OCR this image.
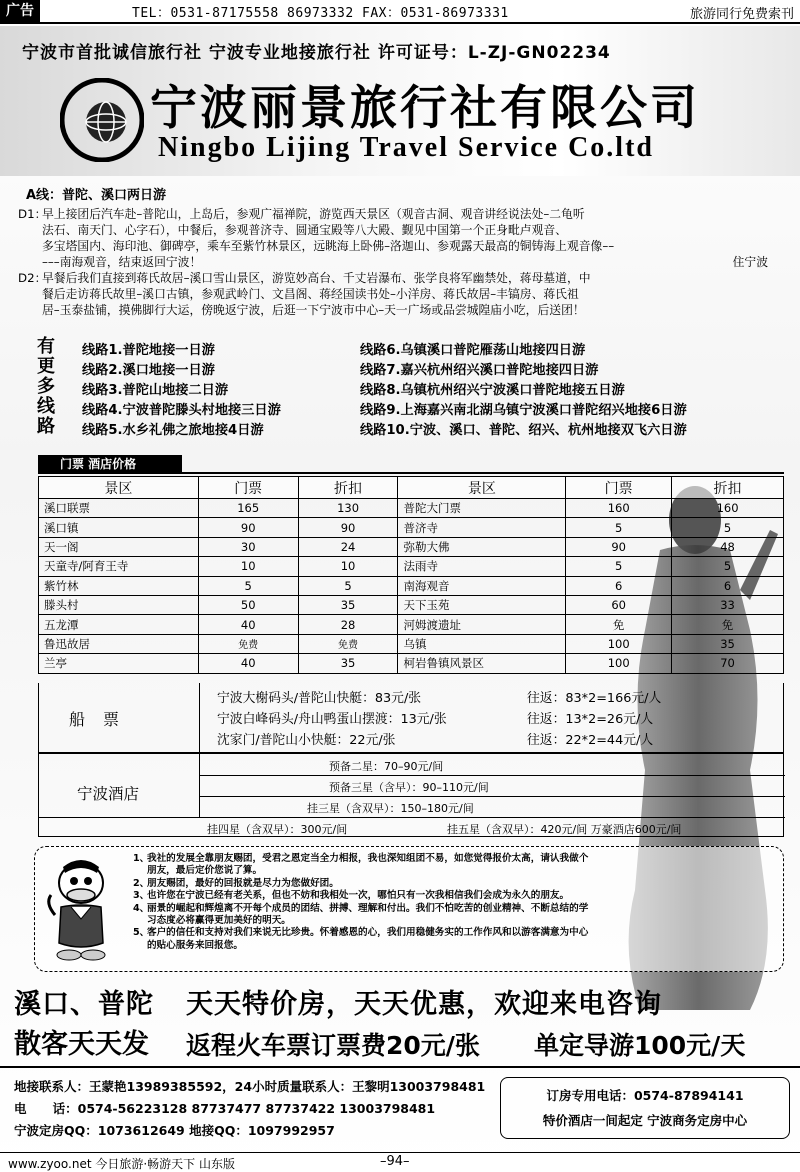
广告	TEL：0531-87175558 86973332 FAX：0531-86973331	旅游同行免费索刊
宁波市首批诚信旅行社 宁波专业地接旅行社 许可证号：L-ZJ-GN02234
宁波丽景旅行社有限公司
Ningbo Lijing Travel Service Co.ltd
A线：普陀、溪口两日游
D1：
早上接团后汽车赴–普陀山，上岛后，参观广福禅院，游览西天景区（观音古洞、观音讲经说法处–二龟听
法石、南天门、心字石），中餐后，参观普济寺、圆通宝殿等八大殿、觐见中国第一个正身毗卢观音、
多宝塔国内、海印池、御碑亭，乘车至紫竹林景区，远眺海上卧佛–洛迦山、参观露天最高的铜铸海上观音像––
–––南海观音，结束返回宁波！	住宁波
D2：
早餐后我们直接到蒋氏故居–溪口雪山景区，游览妙高台、千丈岩瀑布、张学良将军幽禁处，蒋母墓道，中
餐后走访蒋氏故里–溪口古镇，参观武岭门、文昌阁、蒋经国读书处–小洋房、蒋氏故居–丰镐房、蒋氏祖
居–玉泰盐铺，摸佛脚行大运，傍晚返宁波，后逛一下宁波市中心–天一广场或品尝城隍庙小吃，后送团！
有
更
多
线
路
线路1.普陀地接一日游
线路2.溪口地接一日游
线路3.普陀山地接二日游
线路4.宁波普陀滕头村地接三日游
线路5.水乡礼佛之旅地接4日游
线路6.乌镇溪口普陀雁荡山地接四日游
线路7.嘉兴杭州绍兴溪口普陀地接四日游
线路8.乌镇杭州绍兴宁波溪口普陀地接五日游
线路9.上海嘉兴南北湖乌镇宁波溪口普陀绍兴地接6日游
线路10.宁波、溪口、普陀、绍兴、杭州地接双飞六日游
门票 酒店价格
景区	门票	折扣	景区	门票	折扣
溪口联票	165	130	普陀大门票	160	160
溪口镇	90	90	普济寺	5	5
天一阁	30	24	弥勒大佛	90	48
天童寺/阿育王寺	10	10	法雨寺	5	5
紫竹林	5	5	南海观音	6	6
滕头村	50	35	天下玉苑	60	33
五龙潭	40	28	河姆渡遗址	免	免
鲁迅故居	免费	免费	乌镇	100	35
兰亭	40	35	柯岩鲁镇风景区	100	70
船票
宁波大榭码头/普陀山快艇：83元/张
宁波白峰码头/舟山鸭蛋山摆渡：13元/张
沈家门/普陀山小快艇：22元/张
往返：83*2=166元/人
往返：13*2=26元/人
往返：22*2=44元/人
宁波酒店
预备二星：70–90元/间
预备三星（含早）：90–110元/间
挂三星（含双早）：150–180元/间
挂四星（含双早）：300元/间	挂五星（含双早）：420元/间 万豪酒店600元/间
1、
我社的发展全靠朋友赐团，受君之恩定当全力相报，我也深知组团不易，如您觉得报价太高，请认我做个
朋友，最后定价您说了算。
2、
朋友赐团，最好的回报就是尽力为您做好团。
3、
也许您在宁波已经有老关系，但也不妨和我相处一次，哪怕只有一次我相信我们会成为永久的朋友。
4、
丽景的崛起和辉煌离不开每个成员的团结、拼搏、理解和付出。我们不怕吃苦的创业精神、不断总结的学
习态度必将赢得更加美好的明天。
5、
客户的信任和支持对我们来说无比珍贵。怀着感恩的心，我们用稳健务实的工作作风和以游客满意为中心
的贴心服务来回报您。
溪口、普陀 天天特价房，天天优惠，欢迎来电咨询
散客天天发 返程火车票订票费20元/张 单定导游100元/天
地接联系人：王蒙艳13989385592，24小时质量联系人：王黎明13003798481
电      话：0574-56223128 87737477 87737422 13003798481
宁波定房QQ：1073612649 地接QQ：1097992957
订房专用电话：0574-87894141
特价酒店一间起定 宁波商务定房中心
www.zyoo.net 今日旅游·畅游天下 山东版	–94–
